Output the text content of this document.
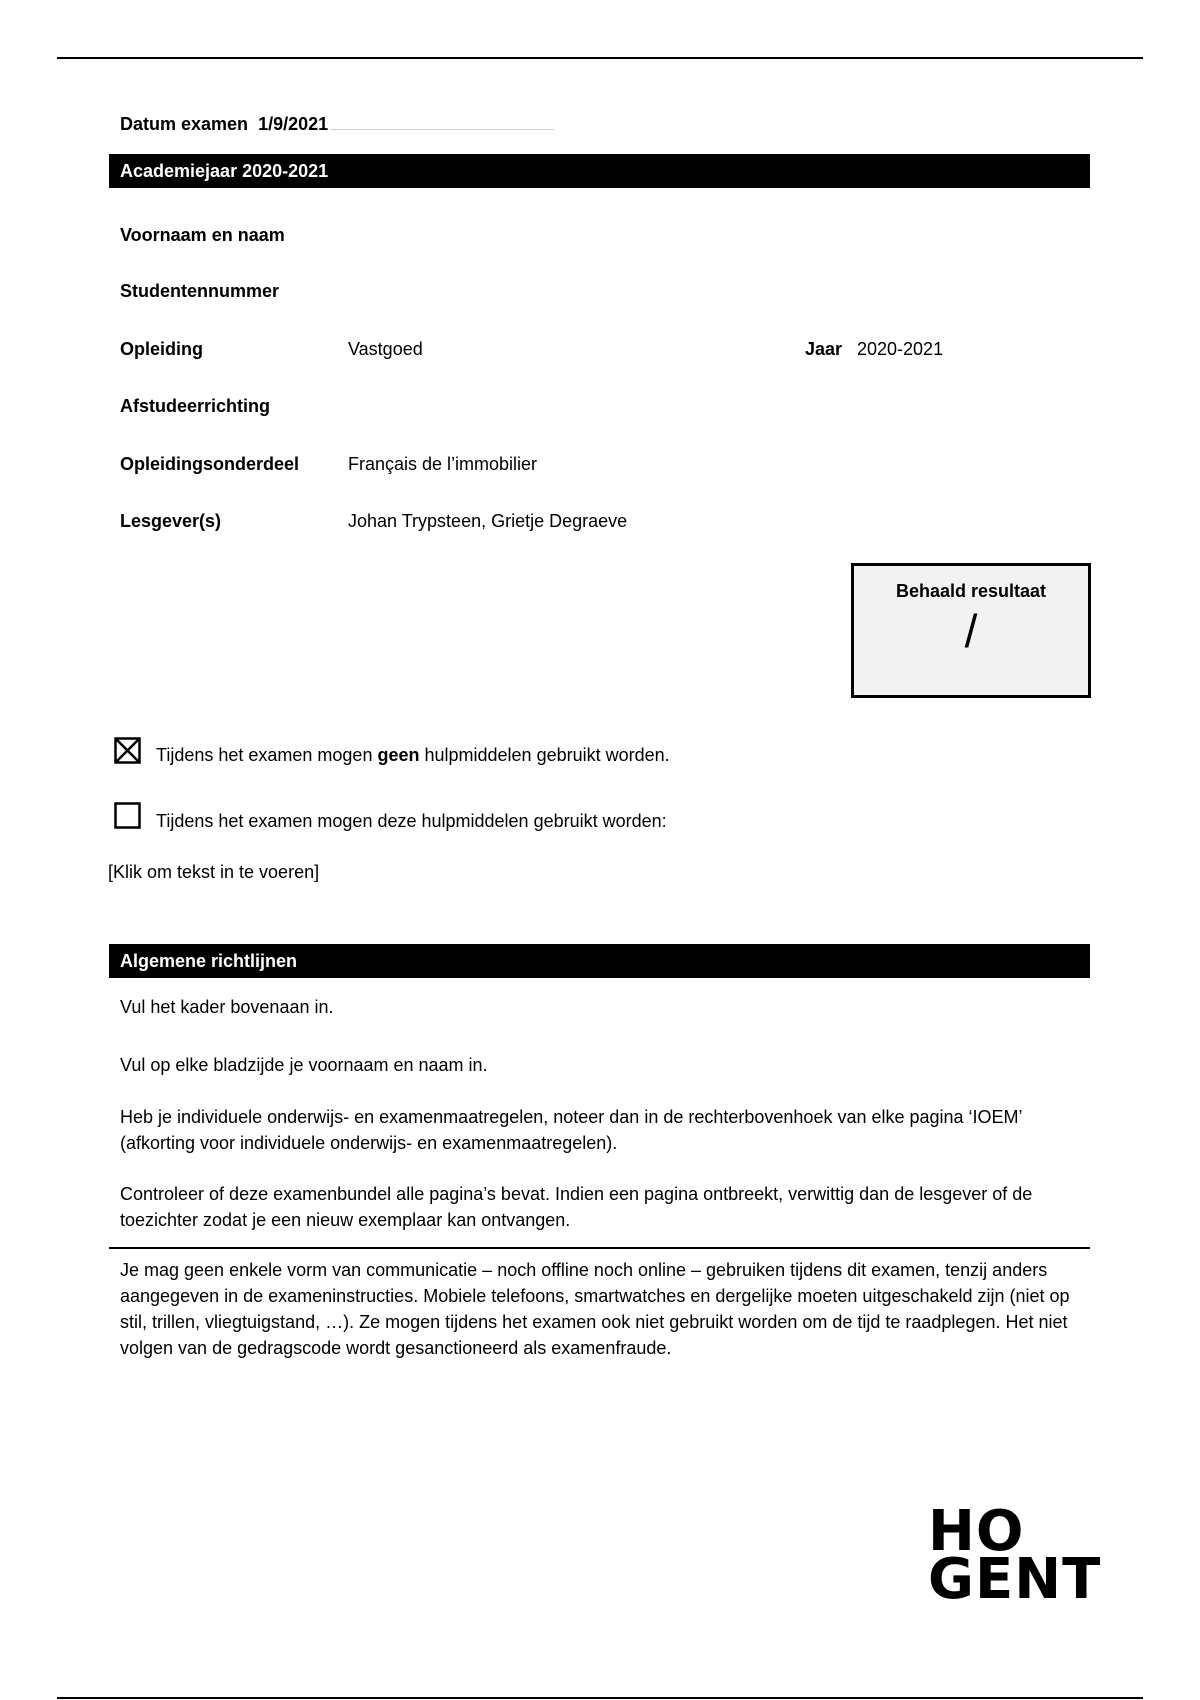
Datum examen 1/9/2021
Academiejaar 2020-2021
Voornaam en naam
Studentennummer
Opleiding	Vastgoed	Jaar 2020-2021
Afstudeerrichting
Opleidingsonderdeel	Français de l’immobilier
Lesgever(s)	Johan Trypsteen, Grietje Degraeve
Behaald resultaat
/
Tijdens het examen mogen geen hulpmiddelen gebruikt worden.
Tijdens het examen mogen deze hulpmiddelen gebruikt worden:
[Klik om tekst in te voeren]
Algemene richtlijnen

Vul het kader bovenaan in.

Vul op elke bladzijde je voornaam en naam in.

Heb je individuele onderwijs- en examenmaatregelen, noteer dan in de rechterbovenhoek van elke pagina ‘IOEM’ (afkorting voor individuele onderwijs- en examenmaatregelen).

Controleer of deze examenbundel alle pagina’s bevat. Indien een pagina ontbreekt, verwittig dan de lesgever of de toezichter zodat je een nieuw exemplaar kan ontvangen.

Je mag geen enkele vorm van communicatie – noch offline noch online – gebruiken tijdens dit examen, tenzij anders aangegeven in de exameninstructies. Mobiele telefoons, smartwatches en dergelijke moeten uitgeschakeld zijn (niet op stil, trillen, vliegtuigstand, …). Ze mogen tijdens het examen ook niet gebruikt worden om de tijd te raadplegen. Het niet volgen van de gedragscode wordt gesanctioneerd als examenfraude.

HO
GENT
